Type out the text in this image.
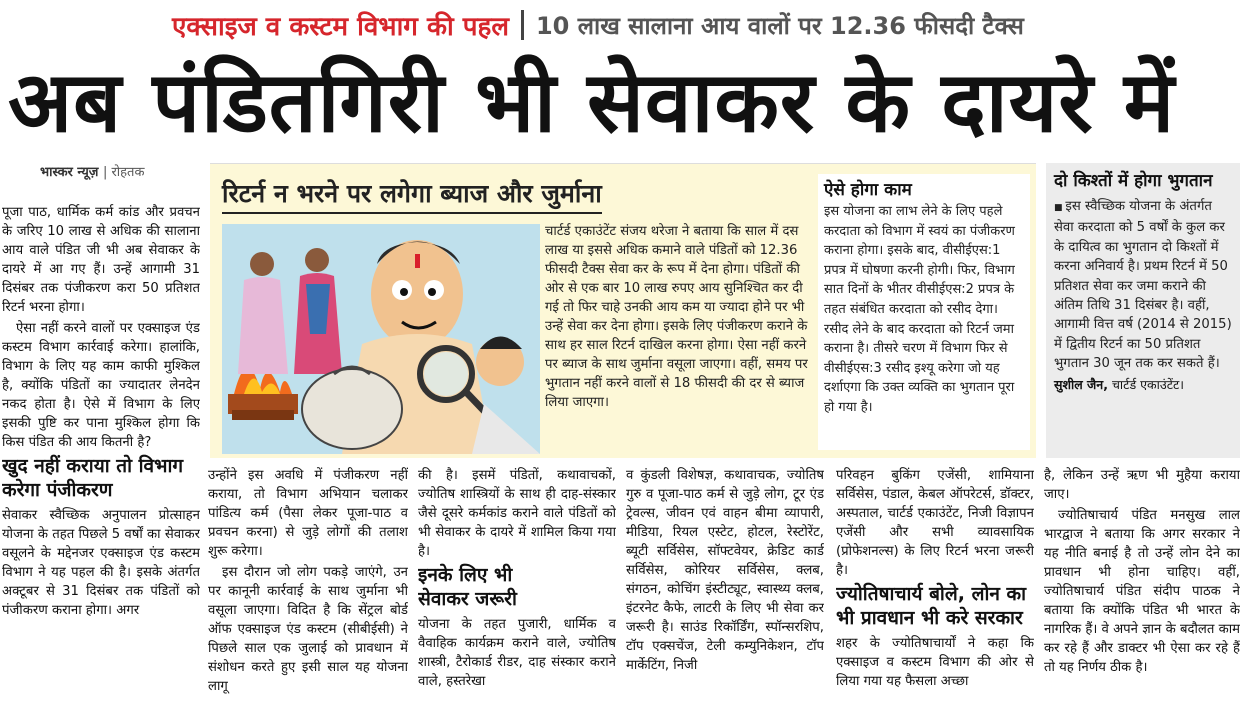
एक्साइज व कस्टम विभाग की पहल 10 लाख सालाना आय वालों पर 12.36 फीसदी टैक्स
अब पंडितगिरी भी सेवाकर के दायरे में
भास्कर न्यूज़ | रोहतक

पूजा पाठ, धार्मिक कर्म कांड और प्रवचन के जरिए 10 लाख से अधिक की सालाना आय वाले पंडित जी भी अब सेवाकर के दायरे में आ गए हैं। उन्हें आगामी 31 दिसंबर तक पंजीकरण करा 50 प्रतिशत रिटर्न भरना होगा।

ऐसा नहीं करने वालों पर एक्साइज एंड कस्टम विभाग कार्रवाई करेगा। हालांकि, विभाग के लिए यह काम काफी मुश्किल है, क्योंकि पंडितों का ज्यादातर लेनदेन नकद होता है। ऐसे में विभाग के लिए इसकी पुष्टि कर पाना मुश्किल होगा कि किस पंडित की आय कितनी है?

खुद नहीं कराया तो विभाग करेगा पंजीकरण

सेवाकर स्वैच्छिक अनुपालन प्रोत्साहन योजना के तहत पिछले 5 वर्षों का सेवाकर वसूलने के मद्देनजर एक्साइज एंड कस्टम विभाग ने यह पहल की है। इसके अंतर्गत अक्टूबर से 31 दिसंबर तक पंडितों को पंजीकरण कराना होगा। अगर

रिटर्न न भरने पर लगेगा ब्याज और जुर्माना
चार्टर्ड एकाउंटेंट संजय थरेजा ने बताया कि साल में दस लाख या इससे अधिक कमाने वाले पंडितों को 12.36 फीसदी टैक्स सेवा कर के रूप में देना होगा। पंडितों की ओर से एक बार 10 लाख रुपए आय सुनिश्चित कर दी गई तो फिर चाहे उनकी आय कम या ज्यादा होने पर भी उन्हें सेवा कर देना होगा। इसके लिए पंजीकरण कराने के साथ हर साल रिटर्न दाखिल करना होगा। ऐसा नहीं करने पर ब्याज के साथ जुर्माना वसूला जाएगा। वहीं, समय पर भुगतान नहीं करने वालों से 18 फीसदी की दर से ब्याज लिया जाएगा।
ऐसे होगा काम
इस योजना का लाभ लेने के लिए पहले करदाता को विभाग में स्वयं का पंजीकरण कराना होगा। इसके बाद, वीसीईएस:1 प्रपत्र में घोषणा करनी होगी। फिर, विभाग सात दिनों के भीतर वीसीईएस:2 प्रपत्र के तहत संबंधित करदाता को रसीद देगा। रसीद लेने के बाद करदाता को रिटर्न जमा कराना है। तीसरे चरण में विभाग फिर से वीसीईएस:3 रसीद इश्यू करेगा जो यह दर्शाएगा कि उक्त व्यक्ति का भुगतान पूरा हो गया है।
दो किश्तों में होगा भुगतान
■ इस स्वैच्छिक योजना के अंतर्गत सेवा करदाता को 5 वर्षों के कुल कर के दायित्व का भुगतान दो किश्तों में करना अनिवार्य है। प्रथम रिटर्न में 50 प्रतिशत सेवा कर जमा कराने की अंतिम तिथि 31 दिसंबर है। वहीं, आगामी वित्त वर्ष (2014 से 2015) में द्वितीय रिटर्न का 50 प्रतिशत भुगतान 30 जून तक कर सकते हैं।
सुशील जैन, चार्टर्ड एकाउंटेंट।

उन्होंने इस अवधि में पंजीकरण नहीं कराया, तो विभाग अभियान चलाकर पांडित्य कर्म (पैसा लेकर पूजा-पाठ व प्रवचन करना) से जुड़े लोगों की तलाश शुरू करेगा।

इस दौरान जो लोग पकड़े जाएंगे, उन पर कानूनी कार्रवाई के साथ जुर्माना भी वसूला जाएगा। विदित है कि सेंट्रल बोर्ड ऑफ एक्साइज एंड कस्टम (सीबीईसी) ने पिछले साल एक जुलाई को प्रावधान में संशोधन करते हुए इसी साल यह योजना लागू

की है। इसमें पंडितों, कथावाचकों, ज्योतिष शास्त्रियों के साथ ही दाह-संस्कार जैसे दूसरे कर्मकांड कराने वाले पंडितों को भी सेवाकर के दायरे में शामिल किया गया है।

इनके लिए भी सेवाकर जरूरी

योजना के तहत पुजारी, धार्मिक व वैवाहिक कार्यक्रम कराने वाले, ज्योतिष शास्त्री, टैरोकार्ड रीडर, दाह संस्कार कराने वाले, हस्तरेखा

व कुंडली विशेषज्ञ, कथावाचक, ज्योतिष गुरु व पूजा-पाठ कर्म से जुड़े लोग, टूर एंड ट्रेवल्स, जीवन एवं वाहन बीमा व्यापारी, मीडिया, रियल एस्टेट, होटल, रेस्टोरेंट, ब्यूटी सर्विसेस, सॉफ्टवेयर, क्रेडिट कार्ड सर्विसेस, कोरियर सर्विसेस, क्लब, संगठन, कोचिंग इंस्टीट्यूट, स्वास्थ्य क्लब, इंटरनेट कैफे, लाटरी के लिए भी सेवा कर जरूरी है। साउंड रिकॉर्डिंग, स्पॉन्सरशिप, टॉप एक्सचेंज, टेली कम्युनिकेशन, टॉप मार्केटिंग, निजी

परिवहन बुकिंग एजेंसी, शामियाना सर्विसेस, पंडाल, केबल ऑपरेटर्स, डॉक्टर, अस्पताल, चार्टर्ड एकाउंटेंट, निजी विज्ञापन एजेंसी और सभी व्यावसायिक (प्रोफेशनल्स) के लिए रिटर्न भरना जरूरी है।

ज्योतिषाचार्य बोले, लोन का भी प्रावधान भी करे सरकार

शहर के ज्योतिषाचार्यों ने कहा कि एक्साइज व कस्टम विभाग की ओर से लिया गया यह फैसला अच्छा

है, लेकिन उन्हें ऋण भी मुहैया कराया जाए।

ज्योतिषाचार्य पंडित मनसुख लाल भारद्वाज ने बताया कि अगर सरकार ने यह नीति बनाई है तो उन्हें लोन देने का प्रावधान भी होना चाहिए। वहीं, ज्योतिषाचार्य पंडित संदीप पाठक ने बताया कि क्योंकि पंडित भी भारत के नागरिक हैं। वे अपने ज्ञान के बदौलत काम कर रहे हैं और डाक्टर भी ऐसा कर रहे हैं तो यह निर्णय ठीक है।
